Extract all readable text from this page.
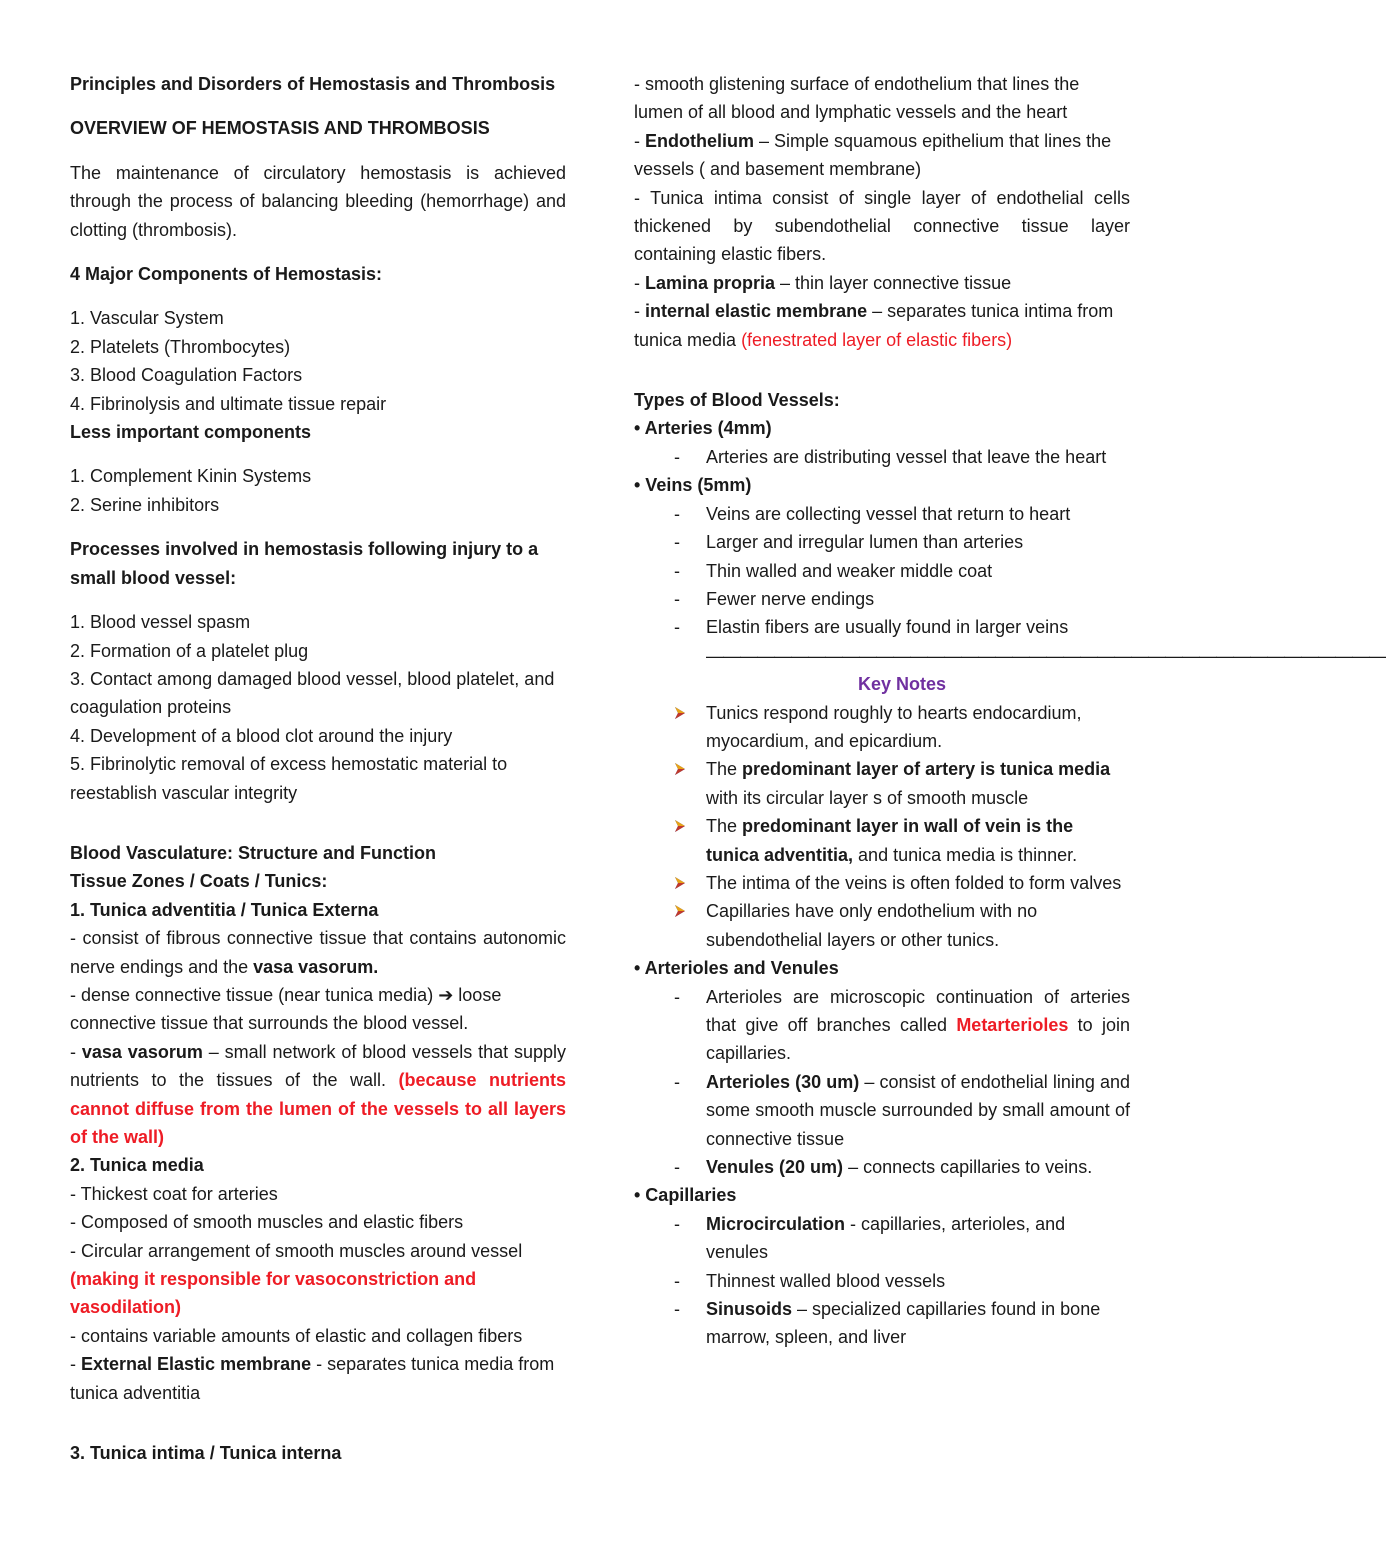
Principles and Disorders of Hemostasis and Thrombosis

OVERVIEW OF HEMOSTASIS AND THROMBOSIS

The maintenance of circulatory hemostasis is achieved through the process of balancing bleeding (hemorrhage) and clotting (thrombosis).

4 Major Components of Hemostasis:

1. Vascular System

2. Platelets (Thrombocytes)

3. Blood Coagulation Factors

4. Fibrinolysis and ultimate tissue repair

Less important components

1. Complement Kinin Systems

2. Serine inhibitors

Processes involved in hemostasis following injury to a small blood vessel:

1. Blood vessel spasm

2. Formation of a platelet plug

3. Contact among damaged blood vessel, blood platelet, and coagulation proteins

4. Development of a blood clot around the injury

5. Fibrinolytic removal of excess hemostatic material to reestablish vascular integrity

Blood Vasculature: Structure and Function

Tissue Zones / Coats / Tunics:

1. Tunica adventitia / Tunica Externa

- consist of fibrous connective tissue that contains autonomic nerve endings and the vasa vasorum.

- dense connective tissue (near tunica media) ➔ loose connective tissue that surrounds the blood vessel.

- vasa vasorum – small network of blood vessels that supply nutrients to the tissues of the wall. (because nutrients cannot diffuse from the lumen of the vessels to all layers of the wall)

2. Tunica media

- Thickest coat for arteries

- Composed of smooth muscles and elastic fibers

- Circular arrangement of smooth muscles around vessel

(making it responsible for vasoconstriction and vasodilation)

- contains variable amounts of elastic and collagen fibers

- External Elastic membrane - separates tunica media from tunica adventitia

3. Tunica intima / Tunica interna

- smooth glistening surface of endothelium that lines the lumen of all blood and lymphatic vessels and the heart

- Endothelium – Simple squamous epithelium that lines the vessels ( and basement membrane)

- Tunica intima consist of single layer of endothelial cells thickened by subendothelial connective tissue layer containing elastic fibers.

- Lamina propria – thin layer connective tissue

- internal elastic membrane – separates tunica intima from tunica media (fenestrated layer of elastic fibers)

Types of Blood Vessels:

• Arteries (4mm)

- Arteries are distributing vessel that leave the heart

• Veins (5mm)

- Veins are collecting vessel that return to heart

- Larger and irregular lumen than arteries

- Thin walled and weaker middle coat

- Fewer nerve endings

- Elastin fibers are usually found in larger veins

————————————————————————————————————————

Key Notes

Tunics respond roughly to hearts endocardium, myocardium, and epicardium.

The predominant layer of artery is tunica media with its circular layer s of smooth muscle

The predominant layer in wall of vein is the tunica adventitia, and tunica media is thinner.

The intima of the veins is often folded to form valves

Capillaries have only endothelium with no subendothelial layers or other tunics.

• Arterioles and Venules

- Arterioles are microscopic continuation of arteries that give off branches called Metarterioles to join capillaries.

- Arterioles (30 um) – consist of endothelial lining and some smooth muscle surrounded by small amount of connective tissue

- Venules (20 um) – connects capillaries to veins.

• Capillaries

- Microcirculation - capillaries, arterioles, and venules

- Thinnest walled blood vessels

- Sinusoids – specialized capillaries found in bone marrow, spleen, and liver
